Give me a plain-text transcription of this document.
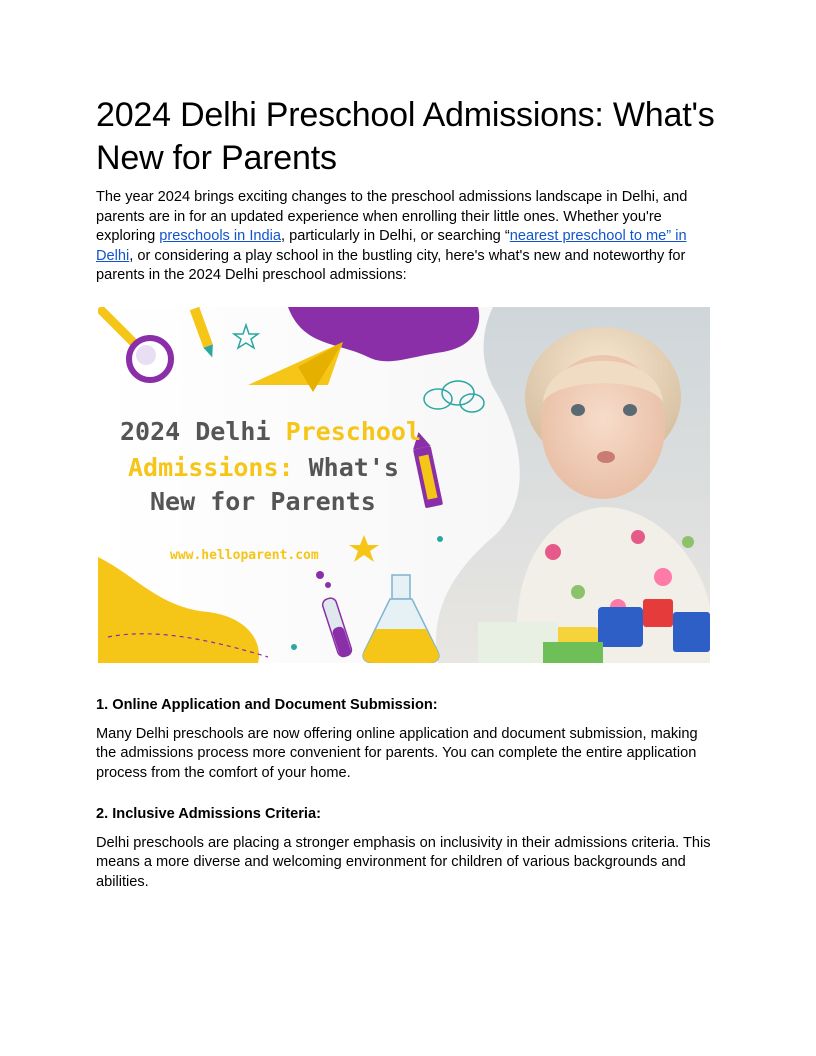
2024 Delhi Preschool Admissions: What's New for Parents

The year 2024 brings exciting changes to the preschool admissions landscape in Delhi, and parents are in for an updated experience when enrolling their little ones. Whether you're exploring preschools in India, particularly in Delhi, or searching “nearest preschool to me” in Delhi, or considering a play school in the bustling city, here's what's new and noteworthy for parents in the 2024 Delhi preschool admissions:

2024 Delhi Preschool
Admissions: What's
New for Parents
www.helloparent.com

1. Online Application and Document Submission:

Many Delhi preschools are now offering online application and document submission, making the admissions process more convenient for parents. You can complete the entire application process from the comfort of your home.

2. Inclusive Admissions Criteria:

Delhi preschools are placing a stronger emphasis on inclusivity in their admissions criteria. This means a more diverse and welcoming environment for children of various backgrounds and abilities.
